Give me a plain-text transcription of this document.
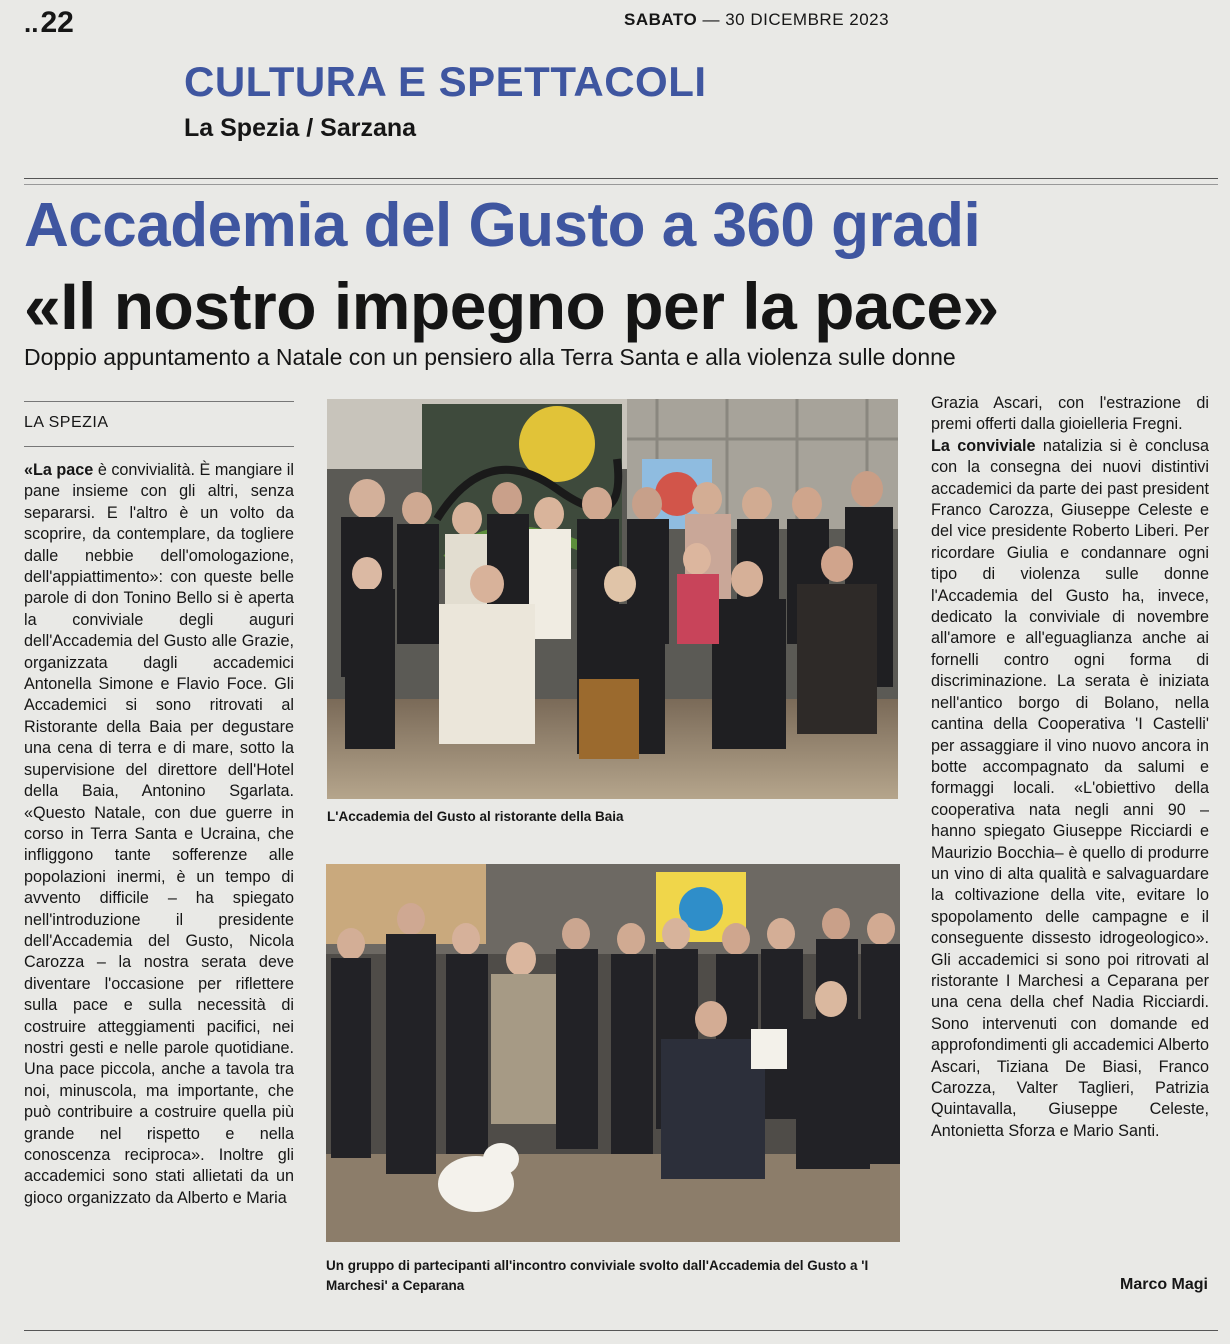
..22	SABATO — 30 DICEMBRE 2023
CULTURA E SPETTACOLI
La Spezia / Sarzana
Accademia del Gusto a 360 gradi
«Il nostro impegno per la pace»
Doppio appuntamento a Natale con un pensiero alla Terra Santa e alla violenza sulle donne
LA SPEZIA
«La pace è convivialità. È mangiare il pane insieme con gli altri, senza separarsi. E l'altro è un volto da scoprire, da contemplare, da togliere dalle nebbie dell'omologazione, dell'appiattimento»: con queste belle parole di don Tonino Bello si è aperta la conviviale degli auguri dell'Accademia del Gusto alle Grazie, organizzata dagli accademici Antonella Simone e Flavio Foce. Gli Accademici si sono ritrovati al Ristorante della Baia per degustare una cena di terra e di mare, sotto la supervisione del direttore dell'Hotel della Baia, Antonino Sgarlata. «Questo Natale, con due guerre in corso in Terra Santa e Ucraina, che infliggono tante sofferenze alle popolazioni inermi, è un tempo di avvento difficile – ha spiegato nell'introduzione il presidente dell'Accademia del Gusto, Nicola Carozza – la nostra serata deve diventare l'occasione per riflettere sulla pace e sulla necessità di costruire atteggiamenti pacifici, nei nostri gesti e nelle parole quotidiane. Una pace piccola, anche a tavola tra noi, minuscola, ma importante, che può contribuire a costruire quella più grande nel rispetto e nella conoscenza reciproca». Inoltre gli accademici sono stati allietati da un gioco organizzato da Alberto e Maria
L'Accademia del Gusto al ristorante della Baia
Un gruppo di partecipanti all'incontro conviviale svolto dall'Accademia del Gusto a 'I Marchesi' a Ceparana
Grazia Ascari, con l'estrazione di premi offerti dalla gioielleria Fregni.
La conviviale natalizia si è conclusa con la consegna dei nuovi distintivi accademici da parte dei past president Franco Carozza, Giuseppe Celeste e del vice presidente Roberto Liberi. Per ricordare Giulia e condannare ogni tipo di violenza sulle donne l'Accademia del Gusto ha, invece, dedicato la conviviale di novembre all'amore e all'eguaglianza anche ai fornelli contro ogni forma di discriminazione. La serata è iniziata nell'antico borgo di Bolano, nella cantina della Cooperativa 'I Castelli' per assaggiare il vino nuovo ancora in botte accompagnato da salumi e formaggi locali. «L'obiettivo della cooperativa nata negli anni 90 – hanno spiegato Giuseppe Ricciardi e Maurizio Bocchia– è quello di produrre un vino di alta qualità e salvaguardare la coltivazione della vite, evitare lo spopolamento delle campagne e il conseguente dissesto idrogeologico». Gli accademici si sono poi ritrovati al ristorante I Marchesi a Ceparana per una cena della chef Nadia Ricciardi. Sono intervenuti con domande ed approfondimenti gli accademici Alberto Ascari, Tiziana De Biasi, Franco Carozza, Valter Taglieri, Patrizia Quintavalla, Giuseppe Celeste, Antonietta Sforza e Mario Santi.
Marco Magi
